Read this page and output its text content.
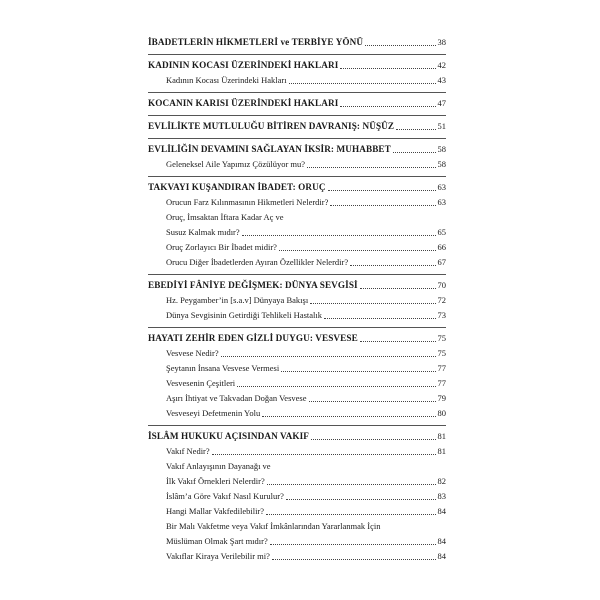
İBADETLERİN HİKMETLERİ ve TERBİYE YÖNÜ	38
KADININ KOCASI ÜZERİNDEKİ HAKLARI	42
Kadının Kocası Üzerindeki Hakları	43
KOCANIN KARISI ÜZERİNDEKİ HAKLARI	47
EVLİLİKTE MUTLULUĞU BİTİREN DAVRANIŞ: NÜŞÛZ	51
EVLİLİĞİN DEVAMINI SAĞLAYAN İKSİR: MUHABBET	58
Geleneksel Aile Yapımız Çözülüyor mu?	58
TAKVAYI KUŞANDIRAN İBADET: ORUÇ	63
Orucun Farz Kılınmasının Hikmetleri Nelerdir?	63
Oruç, İmsaktan İftara Kadar Aç ve
Susuz Kalmak mıdır?	65
Oruç Zorlayıcı Bir İbadet midir?	66
Orucu Diğer İbadetlerden Ayıran Özellikler Nelerdir?	67
EBEDİYİ FÂNİYE DEĞİŞMEK: DÜNYA SEVGİSİ	70
Hz. Peygamber’in [s.a.v] Dünyaya Bakışı	72
Dünya Sevgisinin Getirdiği Tehlikeli Hastalık	73
HAYATI ZEHİR EDEN GİZLİ DUYGU: VESVESE	75
Vesvese Nedir?	75
Şeytanın İnsana Vesvese Vermesi	77
Vesvesenin Çeşitleri	77
Aşırı İhtiyat ve Takvadan Doğan Vesvese	79
Vesveseyi Defetmenin Yolu	80
İSLÂM HUKUKU AÇISINDAN VAKIF	81
Vakıf Nedir?	81
Vakıf Anlayışının Dayanağı ve
İlk Vakıf Örnekleri Nelerdir?	82
İslâm’a Göre Vakıf Nasıl Kurulur?	83
Hangi Mallar Vakfedilebilir?	84
Bir Malı Vakfetme veya Vakıf İmkânlarından Yararlanmak İçin
Müslüman Olmak Şart mıdır?	84
Vakıflar Kiraya Verilebilir mi?	84
